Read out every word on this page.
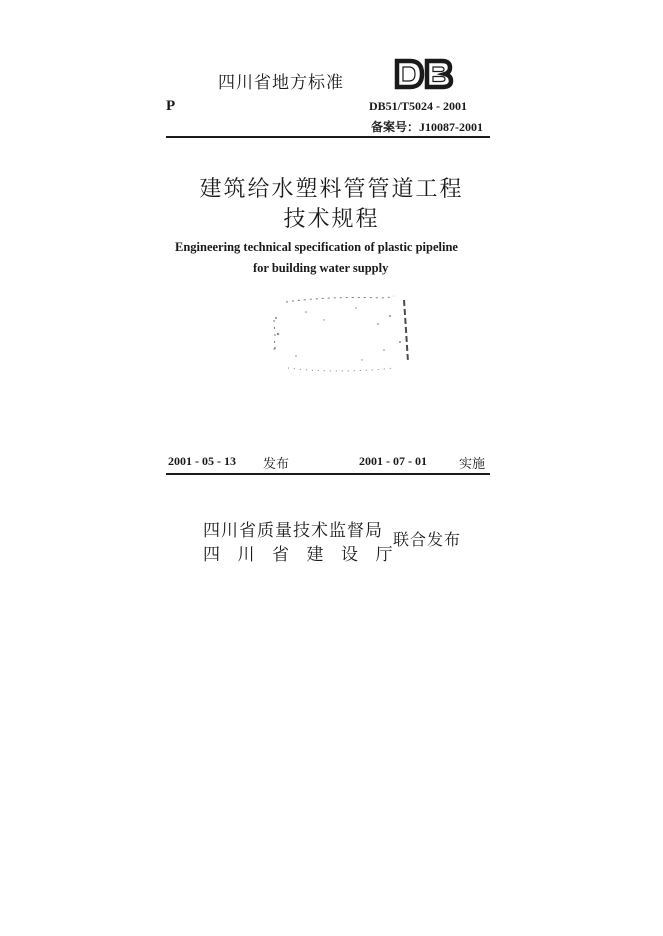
四川省地方标准
P	DB51/T5024 - 2001
备案号：J10087-2001
建筑给水塑料管管道工程
技术规程
Engineering technical specification of plastic pipeline
for building water supply
2001 - 05 - 13 发布	2001 - 07 - 01 实施
四川省质量技术监督局
四川省建设厅
联合发布
